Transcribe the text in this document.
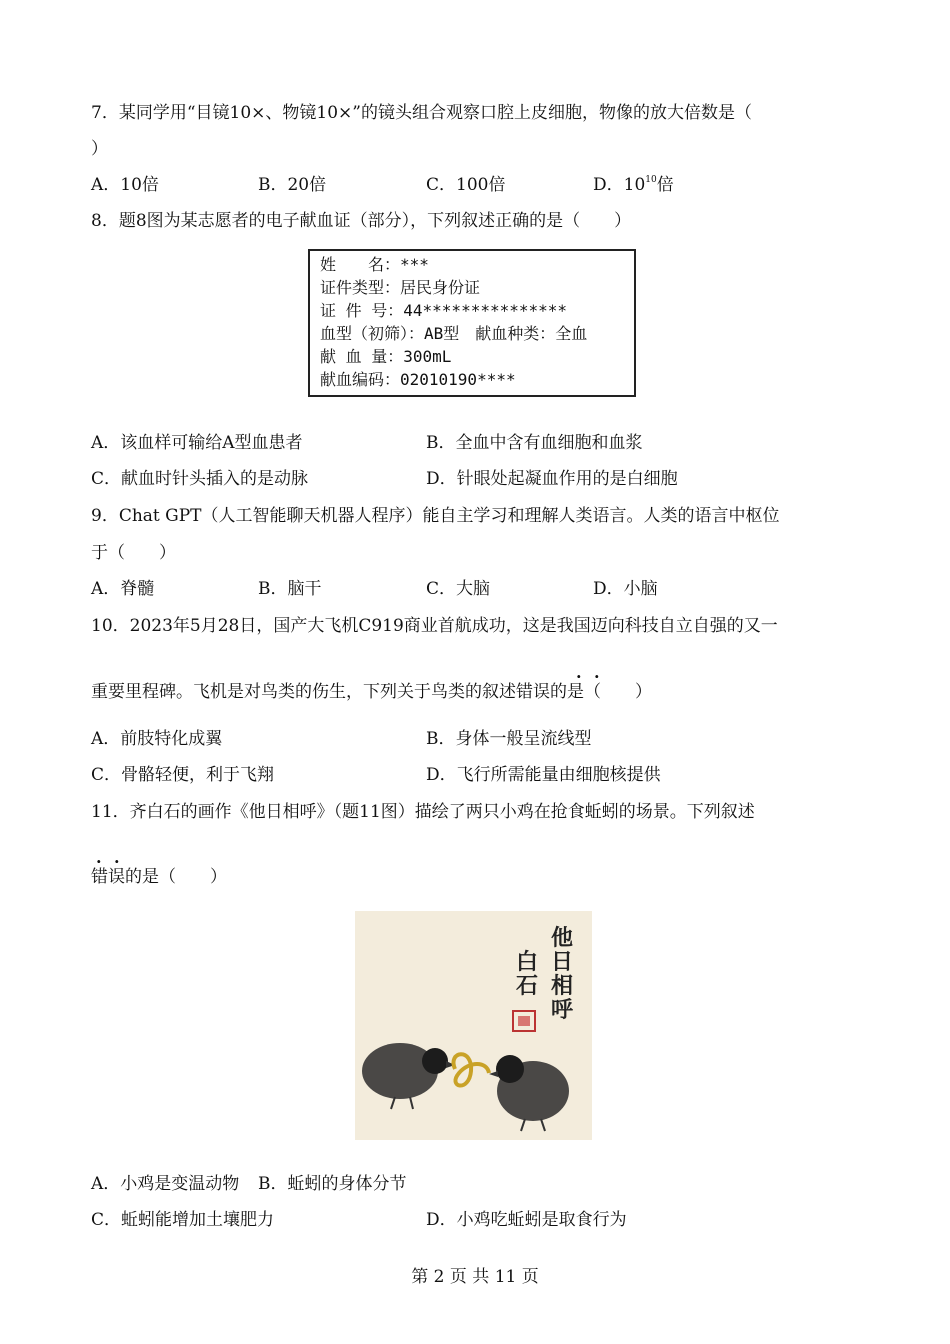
7．某同学用“目镜10×、物镜10×”的镜头组合观察口腔上皮细胞，物像的放大倍数是（
）
A．10倍	B．20倍	C．100倍	D．$10^{10}$倍
8．题8图为某志愿者的电子献血证（部分），下列叙述正确的是（　　）
姓　　名：***
证件类型：居民身份证
证 件 号：44***************
血型（初筛）：AB型　献血种类：全血
献 血 量：300mL
献血编码：02010190****
A．该血样可输给A型血患者	B．全血中含有血细胞和血浆
C．献血时针头插入的是动脉	D．针眼处起凝血作用的是白细胞
9．Chat GPT（人工智能聊天机器人程序）能自主学习和理解人类语言。人类的语言中枢位
于（　　）
A．脊髓	B．脑干	C．大脑	D．小脑
10．2023年5月28日，国产大飞机C919商业首航成功，这是我国迈向科技自立自强的又一
. .
重要里程碑。飞机是对鸟类的伤生，下列关于鸟类的叙述错误的是（　　）
A．前肢特化成翼	B．身体一般呈流线型
C．骨骼轻便，利于飞翔	D．飞行所需能量由细胞核提供
11．齐白石的画作《他日相呼》（题11图）描绘了两只小鸡在抢食蚯蚓的场景。下列叙述
. .
错误的是（　　）
他
日
相
呼
白
石
A．小鸡是变温动物 B．蚯蚓的身体分节
C．蚯蚓能增加土壤肥力	D．小鸡吃蚯蚓是取食行为
第 2 页 共 11 页
